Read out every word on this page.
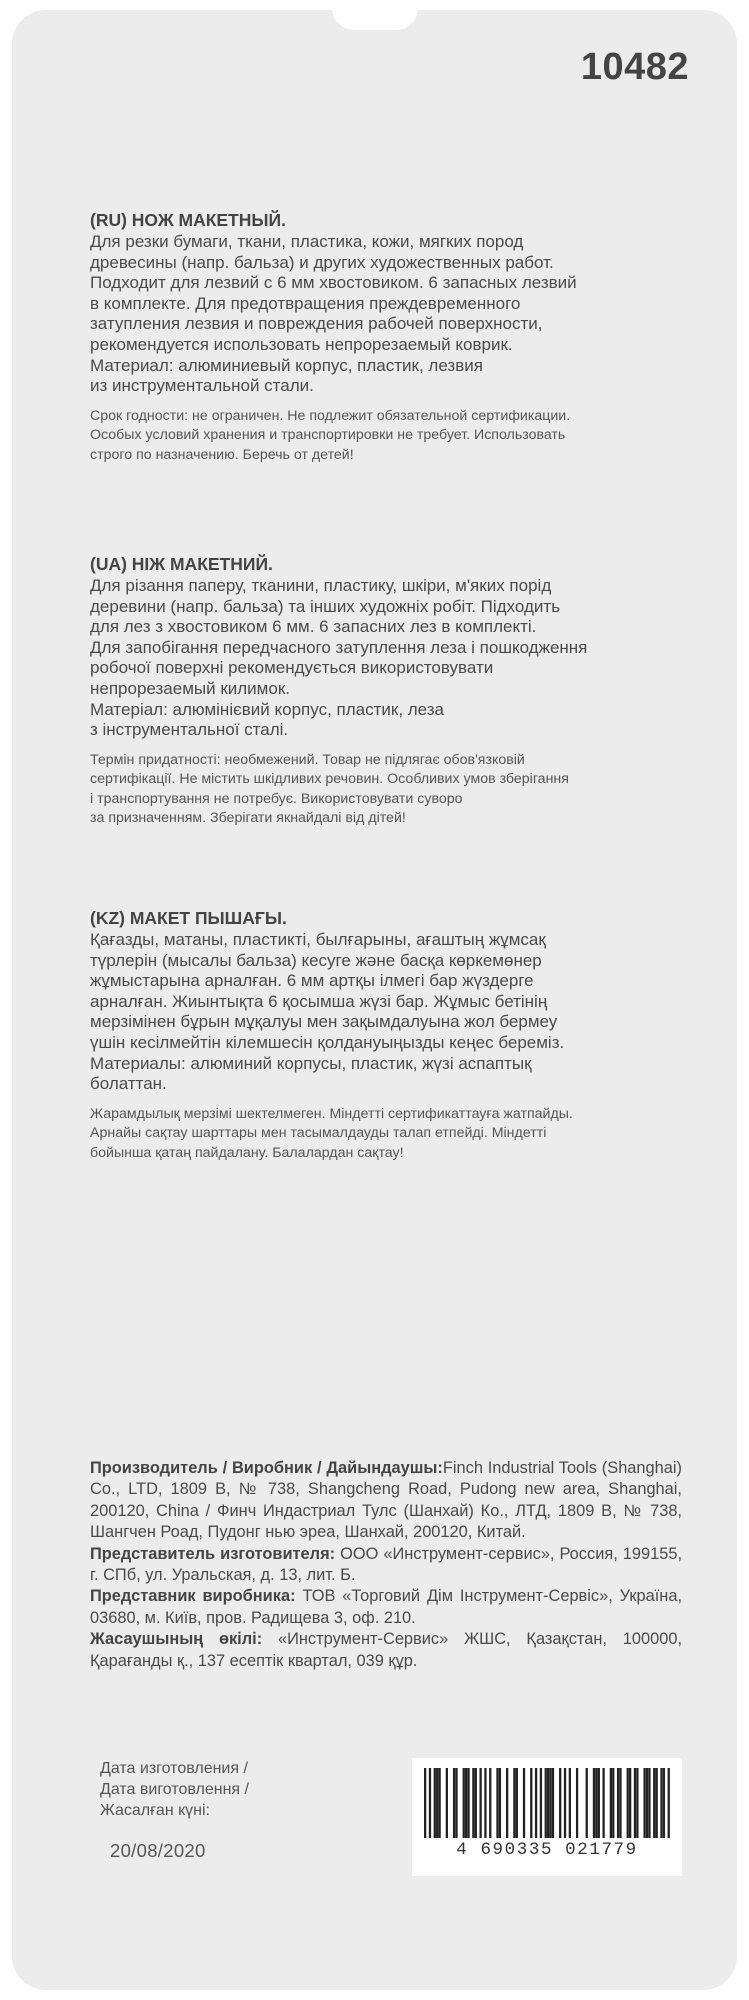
10482

(RU) НОЖ МАКЕТНЫЙ.

Для резки бумаги, ткани, пластика, кожи, мягких пород
древесины (напр. бальза) и других художественных работ.
Подходит для лезвий с 6 мм хвостовиком. 6 запасных лезвий
в комплекте. Для предотвращения преждевременного
затупления лезвия и повреждения рабочей поверхности,
рекомендуется использовать непрорезаемый коврик.
Материал: алюминиевый корпус, пластик, лезвия
из инструментальной стали.

Срок годности: не ограничен. Не подлежит обязательной сертификации.
Особых условий хранения и транспортировки не требует. Использовать
строго по назначению. Беречь от детей!

(UA) НІЖ МАКЕТНИЙ.

Для різання паперу, тканини, пластику, шкіри, м'яких порід
деревини (напр. бальза) та інших художніх робіт. Підходить
для лез з хвостовиком 6 мм. 6 запасних лез в комплекті.
Для запобігання передчасного затуплення леза і пошкодження
робочої поверхні рекомендується використовувати
непрорезаемый килимок.
Матеріал: алюмінієвий корпус, пластик, леза
з інструментальної сталі.

Термін придатності: необмежений. Товар не підлягає обов'язковій
сертифікації. Не містить шкідливих речовин. Особливих умов зберігання
і транспортування не потребує. Використовувати суворо
за призначенням. Зберігати якнайдалі від дітей!

(KZ) МАКЕТ ПЫШАҒЫ.

Қағазды, матаны, пластикті, былғарыны, ағаштың жұмсақ
түрлерін (мысалы бальза) кесуге және басқа көркемөнер
жұмыстарына арналған. 6 мм артқы ілмегі бар жүздерге
арналған. Жиынтықта 6 қосымша жүзі бар. Жұмыс бетінің
мерзімінен бұрын мұқалуы мен зақымдалуына жол бермеу
үшін кесілмейтін кілемшесін қолдануыңызды кеңес береміз.
Материалы: алюминий корпусы, пластик, жүзі аспаптық
болаттан.

Жарамдылық мерзімі шектелмеген. Міндетті сертификаттауға жатпайды.
Арнайы сақтау шарттары мен тасымалдауды талап етпейді. Міндетті
бойынша қатаң пайдалану. Балалардан сақтау!

Производитель / Виробник / Дайындаушы:Finch Industrial Tools (Shanghai) Co., LTD, 1809 B, № 738, Shangcheng Road, Pudong new area, Shanghai, 200120, China / Финч Индастриал Тулс (Шанхай) Ко., ЛТД, 1809 B, № 738, Шангчен Роад, Пудонг нью эреа, Шанхай, 200120, Китай.

Представитель изготовителя: ООО «Инструмент-сервис», Россия, 199155, г. СПб, ул. Уральская, д. 13, лит. Б.

Представник виробника: ТОВ «Торговий Дім Інструмент-Сервіс», Україна, 03680, м. Київ, пров. Радищева 3, оф. 210.

Жасаушының өкілі: «Инструмент-Сервис» ЖШС, Қазақстан, 100000, Қарағанды қ., 137 есептік квартал, 039 құр.

Дата изготовления /
Дата виготовлення /
Жасалған күні:
20/08/2020	4 690335 021779
